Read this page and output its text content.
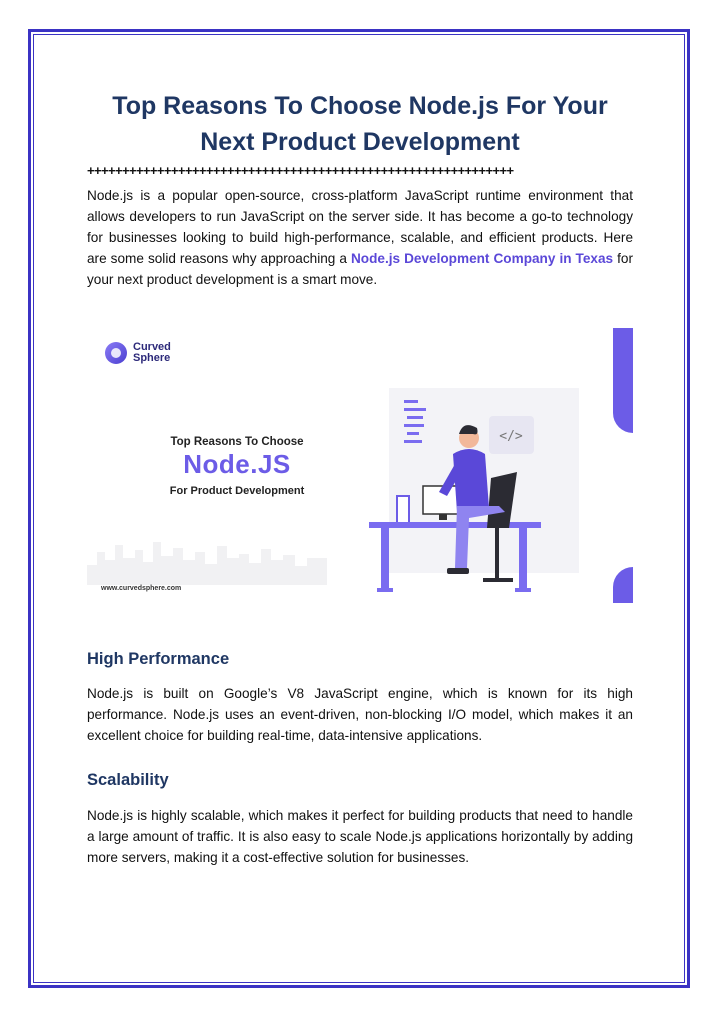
Top Reasons To Choose Node.js For Your
Next Product Development
+++++++++++++++++++++++++++++++++++++++++++++++++++++++++++++

Node.js is a popular open-source, cross-platform JavaScript runtime environment that allows developers to run JavaScript on the server side. It has become a go-to technology for businesses looking to build high-performance, scalable, and efficient products. Here are some solid reasons why approaching a Node.js Development Company in Texas for your next product development is a smart move.

Curved
Sphere
Top Reasons To Choose
Node.JS
For Product Development
www.curvedsphere.com
</>
High Performance

Node.js is built on Google’s V8 JavaScript engine, which is known for its high performance. Node.js uses an event-driven, non-blocking I/O model, which makes it an excellent choice for building real-time, data-intensive applications.

Scalability

Node.js is highly scalable, which makes it perfect for building products that need to handle a large amount of traffic. It is also easy to scale Node.js applications horizontally by adding more servers, making it a cost-effective solution for businesses.
